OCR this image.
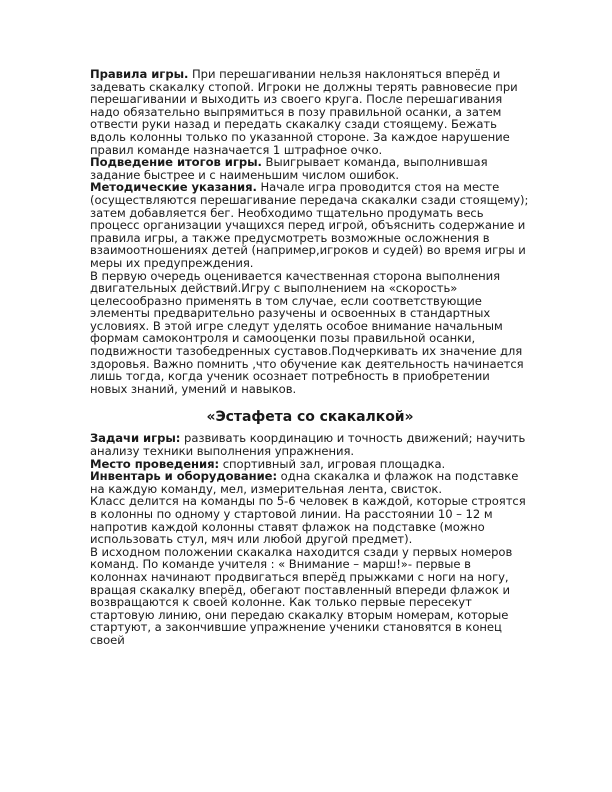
Правила игры. При перешагивании нельзя наклоняться вперёд и задевать скакалку стопой. Игроки не должны терять равновесие при перешагивании и выходить из своего круга. После перешагивания надо обязательно выпрямиться в позу правильной осанки, а затем отвести руки назад и передать скакалку сзади стоящему. Бежать вдоль колонны только по указанной стороне. За каждое нарушение правил команде назначается 1 штрафное очко.

Подведение итогов игры. Выигрывает команда, выполнившая задание быстрее и с наименьшим числом ошибок.

Методические указания. Начале игра проводится стоя на месте (осуществляются перешагивание передача скакалки сзади стоящему); затем добавляется бег. Необходимо тщательно продумать весь процесс организации учащихся перед игрой, объяснить содержание и правила игры, а также предусмотреть возможные осложнения в взаимоотношениях детей (например,игроков и судей) во время игры и меры их предупреждения.

В первую очередь оценивается качественная сторона выполнения двигательных действий.Игру с выполнением на «скорость» целесообразно применять в том случае, если соответствующие элементы предварительно разучены и освоенных в стандартных условиях. В этой игре следут уделять особое внимание начальным формам самоконтроля и самооценки позы правильной осанки, подвижности тазобедренных суставов.Подчеркивать их значение для здоровья. Важно помнить ,что обучение как деятельность начинается лишь тогда, когда ученик осознает потребность в приобретении новых знаний, умений и навыков.

«Эстафета со скакалкой»

Задачи игры: развивать координацию и точность движений; научить анализу техники выполнения упражнения.

Место проведения: спортивный зал, игровая площадка.

Инвентарь и оборудование: одна скакалка и флажок на подставке на каждую команду, мел, измерительная лента, свисток.

Класс делится на команды по 5-6 человек в каждой, которые строятся в колонны по одному у стартовой линии. На расстоянии 10 – 12 м напротив каждой колонны ставят флажок на подставке (можно использовать стул, мяч или любой другой предмет).

В исходном положении скакалка находится сзади у первых номеров команд. По команде учителя : « Внимание – марш!»- первые в колоннах начинают продвигаться вперёд прыжками с ноги на ногу, вращая скакалку вперёд, обегают поставленный впереди флажок и возвращаются к своей колонне. Как только первые пересекут стартовую линию, они передаю скакалку вторым номерам, которые стартуют, а закончившие упражнение ученики становятся в конец своей
